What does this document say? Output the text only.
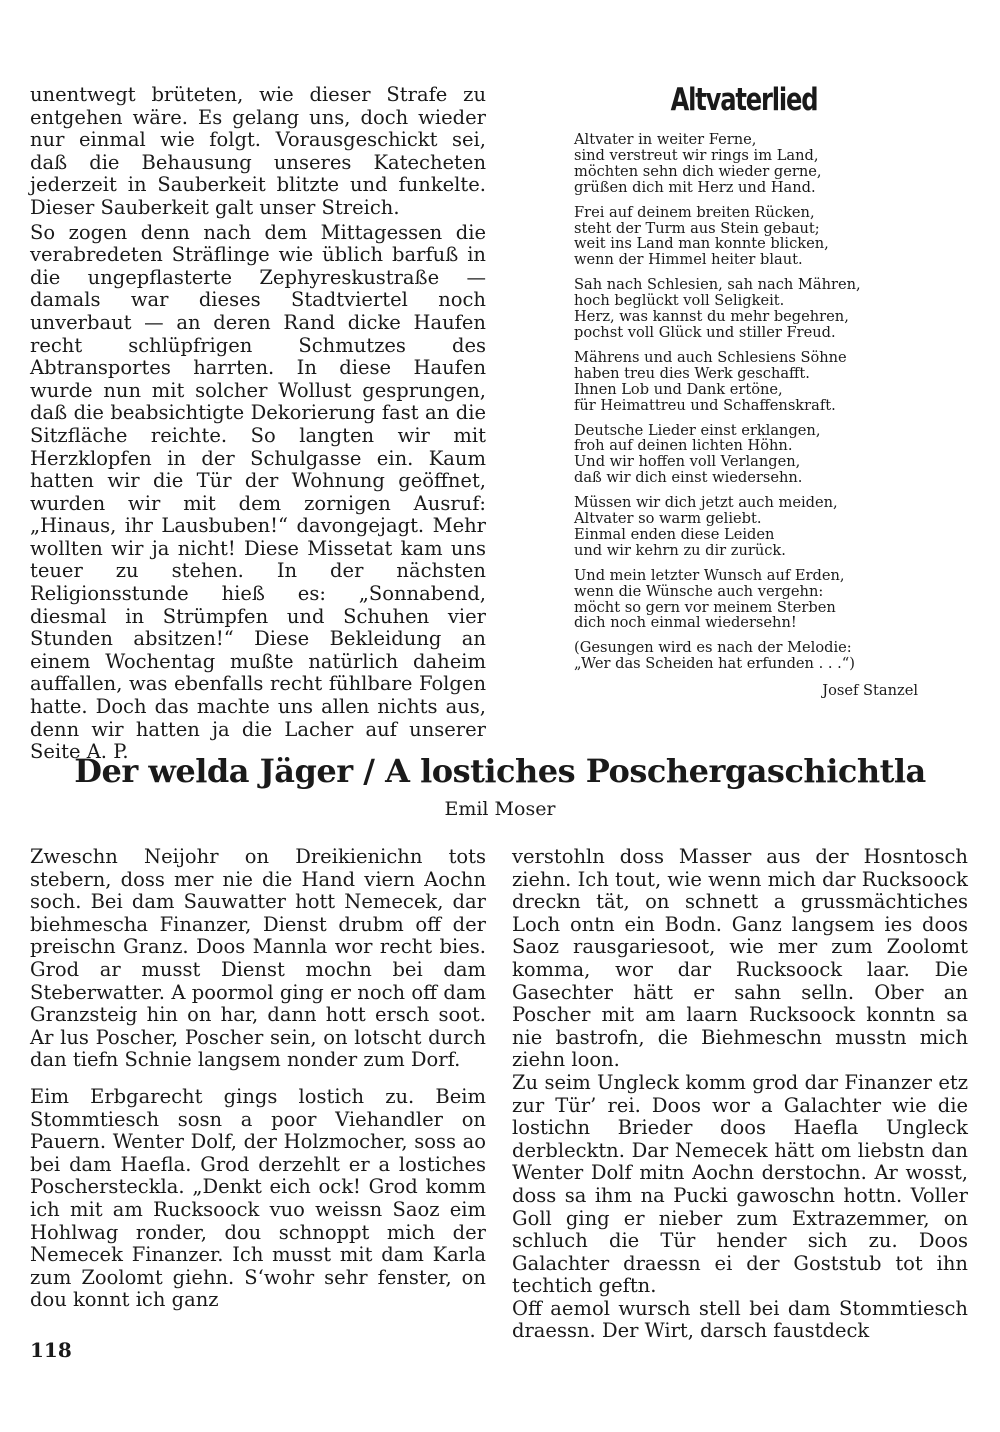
unentwegt brüteten, wie dieser Strafe zu entgehen wäre. Es gelang uns, doch wieder nur einmal wie folgt. Vorausgeschickt sei, daß die Behausung unseres Katecheten jederzeit in Sauberkeit blitzte und funkelte. Dieser Sauberkeit galt unser Streich.

So zogen denn nach dem Mittagessen die verabredeten Sträflinge wie üblich barfuß in die ungepflasterte Zephyreskustraße — damals war dieses Stadtviertel noch unverbaut — an deren Rand dicke Haufen recht schlüpfrigen Schmutzes des Abtransportes harrten. In diese Haufen wurde nun mit solcher Wollust gesprungen, daß die beabsichtigte Dekorierung fast an die Sitzfläche reichte. So langten wir mit Herzklopfen in der Schulgasse ein. Kaum hatten wir die Tür der Wohnung geöffnet, wurden wir mit dem zornigen Ausruf: „Hinaus, ihr Lausbuben!“ davongejagt. Mehr wollten wir ja nicht! Diese Missetat kam uns teuer zu stehen. In der nächsten Religionsstunde hieß es: „Sonnabend, diesmal in Strümpfen und Schuhen vier Stunden absitzen!“ Diese Bekleidung an einem Wochentag mußte natürlich daheim auffallen, was ebenfalls recht fühlbare Folgen hatte. Doch das machte uns allen nichts aus, denn wir hatten ja die Lacher auf unserer Seite A. P.

Altvaterlied
Altvater in weiter Ferne,
sind verstreut wir rings im Land,
möchten sehn dich wieder gerne,
grüßen dich mit Herz und Hand.
Frei auf deinem breiten Rücken,
steht der Turm aus Stein gebaut;
weit ins Land man konnte blicken,
wenn der Himmel heiter blaut.
Sah nach Schlesien, sah nach Mähren,
hoch beglückt voll Seligkeit.
Herz, was kannst du mehr begehren,
pochst voll Glück und stiller Freud.
Mährens und auch Schlesiens Söhne
haben treu dies Werk geschafft.
Ihnen Lob und Dank ertöne,
für Heimattreu und Schaffenskraft.
Deutsche Lieder einst erklangen,
froh auf deinen lichten Höhn.
Und wir hoffen voll Verlangen,
daß wir dich einst wiedersehn.
Müssen wir dich jetzt auch meiden,
Altvater so warm geliebt.
Einmal enden diese Leiden
und wir kehrn zu dir zurück.
Und mein letzter Wunsch auf Erden,
wenn die Wünsche auch vergehn:
möcht so gern vor meinem Sterben
dich noch einmal wiedersehn!
(Gesungen wird es nach der Melodie:
„Wer das Scheiden hat erfunden . . .“)
Josef Stanzel
Der welda Jäger / A lostiches Poschergaschichtla
Emil Moser

Zweschn Neijohr on Dreikienichn tots stebern, doss mer nie die Hand viern Aochn soch. Bei dam Sauwatter hott Nemecek, dar biehmescha Finanzer, Dienst drubm off der preischn Granz. Doos Mannla wor recht bies. Grod ar musst Dienst mochn bei dam Steberwatter. A poormol ging er noch off dam Granzsteig hin on har, dann hott ersch soot. Ar lus Poscher, Poscher sein, on lotscht durch dan tiefn Schnie langsem nonder zum Dorf.

Eim Erbgarecht gings lostich zu. Beim Stommtiesch sosn a poor Viehandler on Pauern. Wenter Dolf, der Holzmocher, soss ao bei dam Haefla. Grod derzehlt er a lostiches Poschersteckla. „Denkt eich ock! Grod komm ich mit am Rucksoock vuo weissn Saoz eim Hohlwag ronder, dou schnoppt mich der Nemecek Finanzer. Ich musst mit dam Karla zum Zoolomt giehn. S‘wohr sehr fenster, on dou konnt ich ganz

verstohln doss Masser aus der Hosntosch ziehn. Ich tout, wie wenn mich dar Rucksoock dreckn tät, on schnett a grussmächtiches Loch ontn ein Bodn. Ganz langsem ies doos Saoz rausgariesoot, wie mer zum Zoolomt komma, wor dar Rucksoock laar. Die Gasechter hätt er sahn selln. Ober an Poscher mit am laarn Rucksoock konntn sa nie bastrofn, die Biehmeschn musstn mich ziehn loon.

Zu seim Ungleck komm grod dar Finanzer etz zur Tür’ rei. Doos wor a Galachter wie die lostichn Brieder doos Haefla Ungleck derblecktn. Dar Nemecek hätt om liebstn dan Wenter Dolf mitn Aochn derstochn. Ar wosst, doss sa ihm na Pucki gawoschn hottn. Voller Goll ging er nieber zum Extrazemmer, on schluch die Tür hender sich zu. Doos Galachter draessn ei der Goststub tot ihn techtich geftn.

Off aemol wursch stell bei dam Stommtiesch draessn. Der Wirt, darsch faustdeck

118
